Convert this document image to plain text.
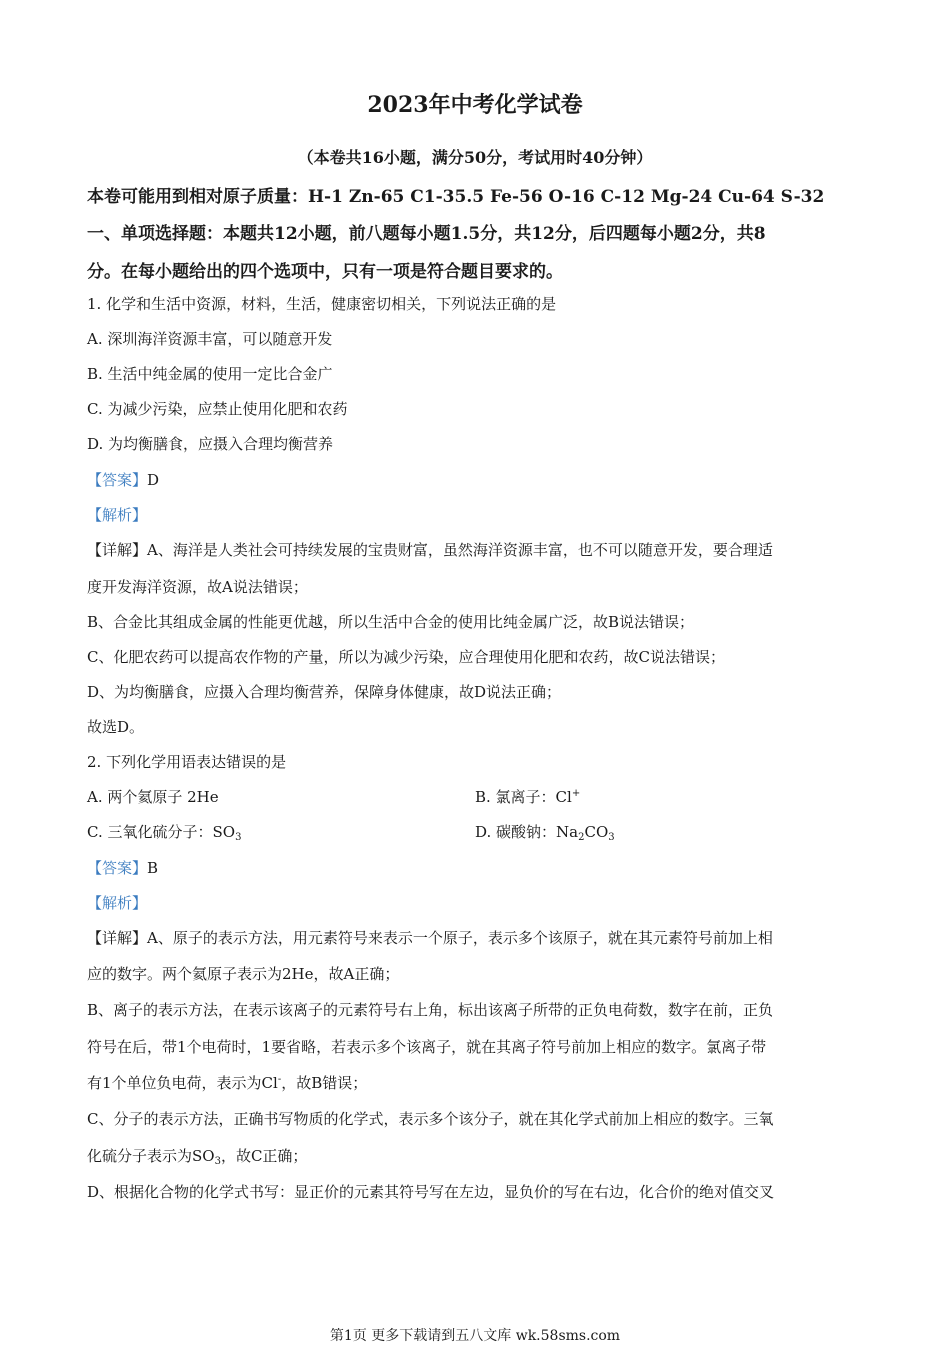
2023年中考化学试卷
（本卷共16小题，满分50分，考试用时40分钟）
本卷可能用到相对原子质量：H-1 Zn-65 C1-35.5 Fe-56 O-16 C-12 Mg-24 Cu-64 S-32
一、单项选择题：本题共12小题，前八题每小题1.5分，共12分，后四题每小题2分，共8
分。在每小题给出的四个选项中，只有一项是符合题目要求的。
1. 化学和生活中资源，材料，生活，健康密切相关，下列说法正确的是
A. 深圳海洋资源丰富，可以随意开发
B. 生活中纯金属的使用一定比合金广
C. 为减少污染，应禁止使用化肥和农药
D. 为均衡膳食，应摄入合理均衡营养
【答案】D
【解析】
【详解】A、海洋是人类社会可持续发展的宝贵财富，虽然海洋资源丰富，也不可以随意开发，要合理适
度开发海洋资源，故A说法错误；
B、合金比其组成金属的性能更优越，所以生活中合金的使用比纯金属广泛，故B说法错误；
C、化肥农药可以提高农作物的产量，所以为减少污染，应合理使用化肥和农药，故C说法错误；
D、为均衡膳食，应摄入合理均衡营养，保障身体健康，故D说法正确；
故选D。
2. 下列化学用语表达错误的是
A. 两个氦原子 2He	B. 氯离子：Cl+
C. 三氧化硫分子：$SO_3$	D. 碳酸钠：$Na_2CO_3$
【答案】B
【解析】
【详解】A、原子的表示方法，用元素符号来表示一个原子，表示多个该原子，就在其元素符号前加上相
应的数字。两个氦原子表示为2He，故A正确；
B、离子的表示方法，在表示该离子的元素符号右上角，标出该离子所带的正负电荷数，数字在前，正负
符号在后，带1个电荷时，1要省略，若表示多个该离子，就在其离子符号前加上相应的数字。氯离子带
有1个单位负电荷，表示为Cl-，故B错误；
C、分子的表示方法，正确书写物质的化学式，表示多个该分子，就在其化学式前加上相应的数字。三氧
化硫分子表示为$SO_3$，故C正确；
D、根据化合物的化学式书写：显正价的元素其符号写在左边，显负价的写在右边，化合价的绝对值交叉
第1页 更多下载请到五八文库 wk.58sms.com
